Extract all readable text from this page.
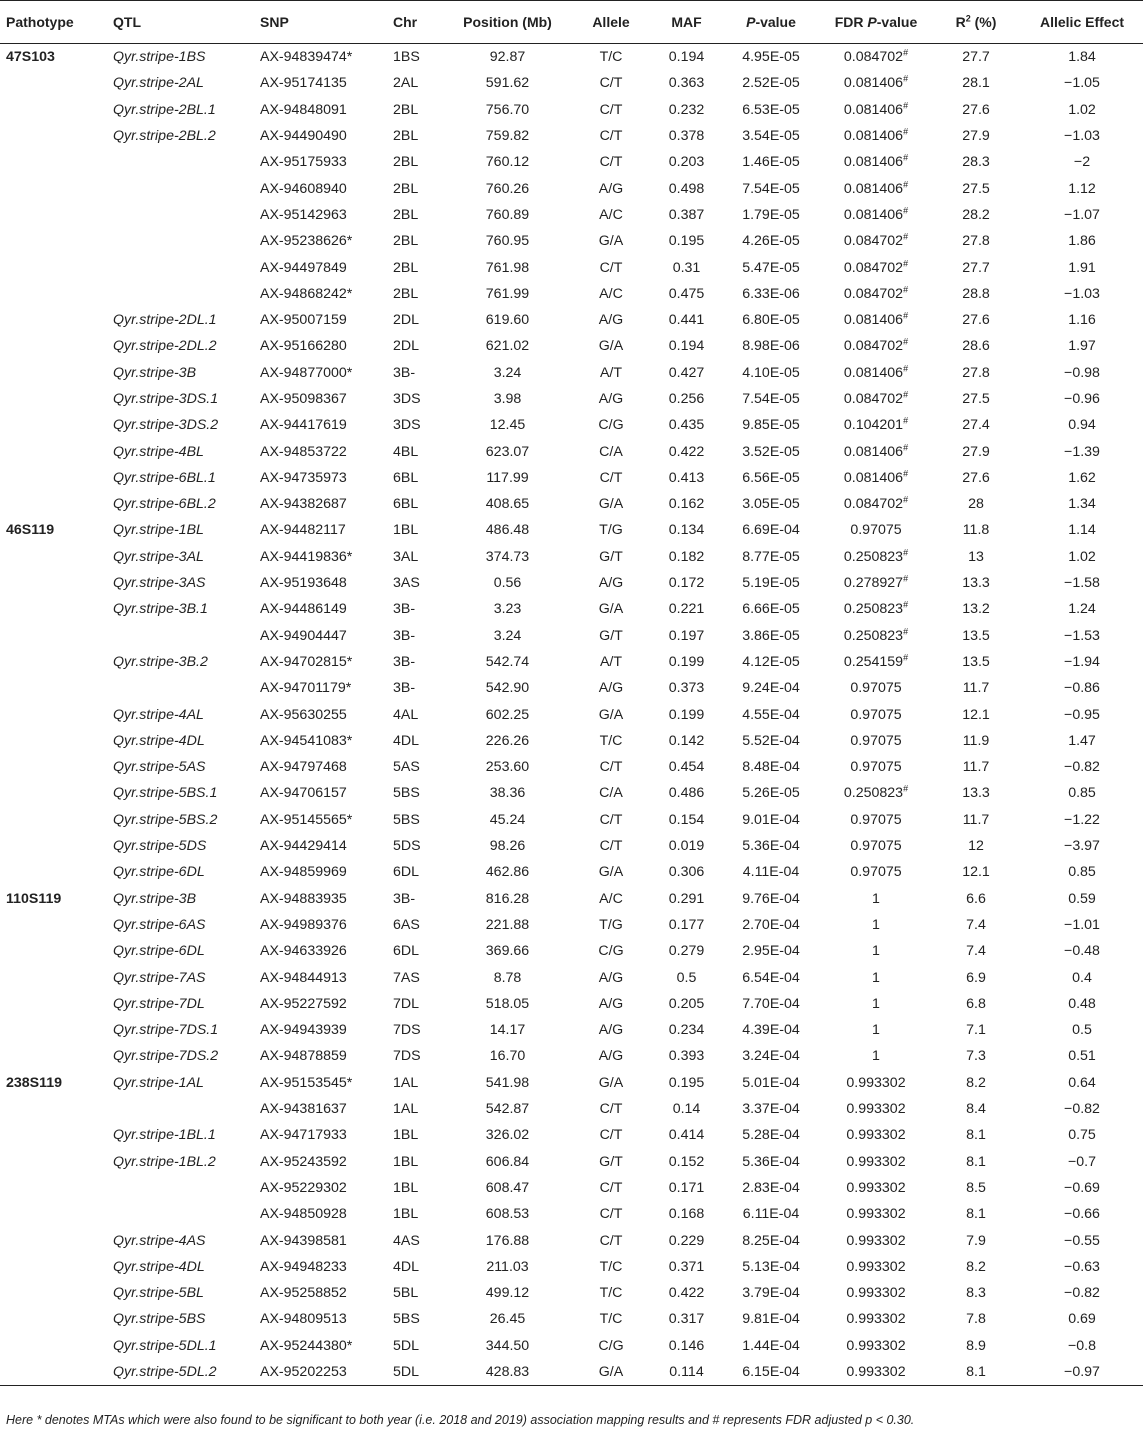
Pathotype	QTL	SNP	Chr	Position (Mb)	Allele	MAF	P-value	FDR P-value	$R^2$ (%)	Allelic Effect
47S103	Qyr.stripe-1BS	AX-94839474*	1BS	92.87	T/C	0.194	4.95E-05	0.084702#	27.7	1.84
	Qyr.stripe-2AL	AX-95174135	2AL	591.62	C/T	0.363	2.52E-05	0.081406#	28.1	−1.05
	Qyr.stripe-2BL.1	AX-94848091	2BL	756.70	C/T	0.232	6.53E-05	0.081406#	27.6	1.02
	Qyr.stripe-2BL.2	AX-94490490	2BL	759.82	C/T	0.378	3.54E-05	0.081406#	27.9	−1.03
		AX-95175933	2BL	760.12	C/T	0.203	1.46E-05	0.081406#	28.3	−2
		AX-94608940	2BL	760.26	A/G	0.498	7.54E-05	0.081406#	27.5	1.12
		AX-95142963	2BL	760.89	A/C	0.387	1.79E-05	0.081406#	28.2	−1.07
		AX-95238626*	2BL	760.95	G/A	0.195	4.26E-05	0.084702#	27.8	1.86
		AX-94497849	2BL	761.98	C/T	0.31	5.47E-05	0.084702#	27.7	1.91
		AX-94868242*	2BL	761.99	A/C	0.475	6.33E-06	0.084702#	28.8	−1.03
	Qyr.stripe-2DL.1	AX-95007159	2DL	619.60	A/G	0.441	6.80E-05	0.081406#	27.6	1.16
	Qyr.stripe-2DL.2	AX-95166280	2DL	621.02	G/A	0.194	8.98E-06	0.084702#	28.6	1.97
	Qyr.stripe-3B	AX-94877000*	3B-	3.24	A/T	0.427	4.10E-05	0.081406#	27.8	−0.98
	Qyr.stripe-3DS.1	AX-95098367	3DS	3.98	A/G	0.256	7.54E-05	0.084702#	27.5	−0.96
	Qyr.stripe-3DS.2	AX-94417619	3DS	12.45	C/G	0.435	9.85E-05	0.104201#	27.4	0.94
	Qyr.stripe-4BL	AX-94853722	4BL	623.07	C/A	0.422	3.52E-05	0.081406#	27.9	−1.39
	Qyr.stripe-6BL.1	AX-94735973	6BL	117.99	C/T	0.413	6.56E-05	0.081406#	27.6	1.62
	Qyr.stripe-6BL.2	AX-94382687	6BL	408.65	G/A	0.162	3.05E-05	0.084702#	28	1.34
46S119	Qyr.stripe-1BL	AX-94482117	1BL	486.48	T/G	0.134	6.69E-04	0.97075	11.8	1.14
	Qyr.stripe-3AL	AX-94419836*	3AL	374.73	G/T	0.182	8.77E-05	0.250823#	13	1.02
	Qyr.stripe-3AS	AX-95193648	3AS	0.56	A/G	0.172	5.19E-05	0.278927#	13.3	−1.58
	Qyr.stripe-3B.1	AX-94486149	3B-	3.23	G/A	0.221	6.66E-05	0.250823#	13.2	1.24
		AX-94904447	3B-	3.24	G/T	0.197	3.86E-05	0.250823#	13.5	−1.53
	Qyr.stripe-3B.2	AX-94702815*	3B-	542.74	A/T	0.199	4.12E-05	0.254159#	13.5	−1.94
		AX-94701179*	3B-	542.90	A/G	0.373	9.24E-04	0.97075	11.7	−0.86
	Qyr.stripe-4AL	AX-95630255	4AL	602.25	G/A	0.199	4.55E-04	0.97075	12.1	−0.95
	Qyr.stripe-4DL	AX-94541083*	4DL	226.26	T/C	0.142	5.52E-04	0.97075	11.9	1.47
	Qyr.stripe-5AS	AX-94797468	5AS	253.60	C/T	0.454	8.48E-04	0.97075	11.7	−0.82
	Qyr.stripe-5BS.1	AX-94706157	5BS	38.36	C/A	0.486	5.26E-05	0.250823#	13.3	0.85
	Qyr.stripe-5BS.2	AX-95145565*	5BS	45.24	C/T	0.154	9.01E-04	0.97075	11.7	−1.22
	Qyr.stripe-5DS	AX-94429414	5DS	98.26	C/T	0.019	5.36E-04	0.97075	12	−3.97
	Qyr.stripe-6DL	AX-94859969	6DL	462.86	G/A	0.306	4.11E-04	0.97075	12.1	0.85
110S119	Qyr.stripe-3B	AX-94883935	3B-	816.28	A/C	0.291	9.76E-04	1	6.6	0.59
	Qyr.stripe-6AS	AX-94989376	6AS	221.88	T/G	0.177	2.70E-04	1	7.4	−1.01
	Qyr.stripe-6DL	AX-94633926	6DL	369.66	C/G	0.279	2.95E-04	1	7.4	−0.48
	Qyr.stripe-7AS	AX-94844913	7AS	8.78	A/G	0.5	6.54E-04	1	6.9	0.4
	Qyr.stripe-7DL	AX-95227592	7DL	518.05	A/G	0.205	7.70E-04	1	6.8	0.48
	Qyr.stripe-7DS.1	AX-94943939	7DS	14.17	A/G	0.234	4.39E-04	1	7.1	0.5
	Qyr.stripe-7DS.2	AX-94878859	7DS	16.70	A/G	0.393	3.24E-04	1	7.3	0.51
238S119	Qyr.stripe-1AL	AX-95153545*	1AL	541.98	G/A	0.195	5.01E-04	0.993302	8.2	0.64
		AX-94381637	1AL	542.87	C/T	0.14	3.37E-04	0.993302	8.4	−0.82
	Qyr.stripe-1BL.1	AX-94717933	1BL	326.02	C/T	0.414	5.28E-04	0.993302	8.1	0.75
	Qyr.stripe-1BL.2	AX-95243592	1BL	606.84	G/T	0.152	5.36E-04	0.993302	8.1	−0.7
		AX-95229302	1BL	608.47	C/T	0.171	2.83E-04	0.993302	8.5	−0.69
		AX-94850928	1BL	608.53	C/T	0.168	6.11E-04	0.993302	8.1	−0.66
	Qyr.stripe-4AS	AX-94398581	4AS	176.88	C/T	0.229	8.25E-04	0.993302	7.9	−0.55
	Qyr.stripe-4DL	AX-94948233	4DL	211.03	T/C	0.371	5.13E-04	0.993302	8.2	−0.63
	Qyr.stripe-5BL	AX-95258852	5BL	499.12	T/C	0.422	3.79E-04	0.993302	8.3	−0.82
	Qyr.stripe-5BS	AX-94809513	5BS	26.45	T/C	0.317	9.81E-04	0.993302	7.8	0.69
	Qyr.stripe-5DL.1	AX-95244380*	5DL	344.50	C/G	0.146	1.44E-04	0.993302	8.9	−0.8
	Qyr.stripe-5DL.2	AX-95202253	5DL	428.83	G/A	0.114	6.15E-04	0.993302	8.1	−0.97
Here * denotes MTAs which were also found to be significant to both year (i.e. 2018 and 2019) association mapping results and # represents FDR adjusted p < 0.30.
